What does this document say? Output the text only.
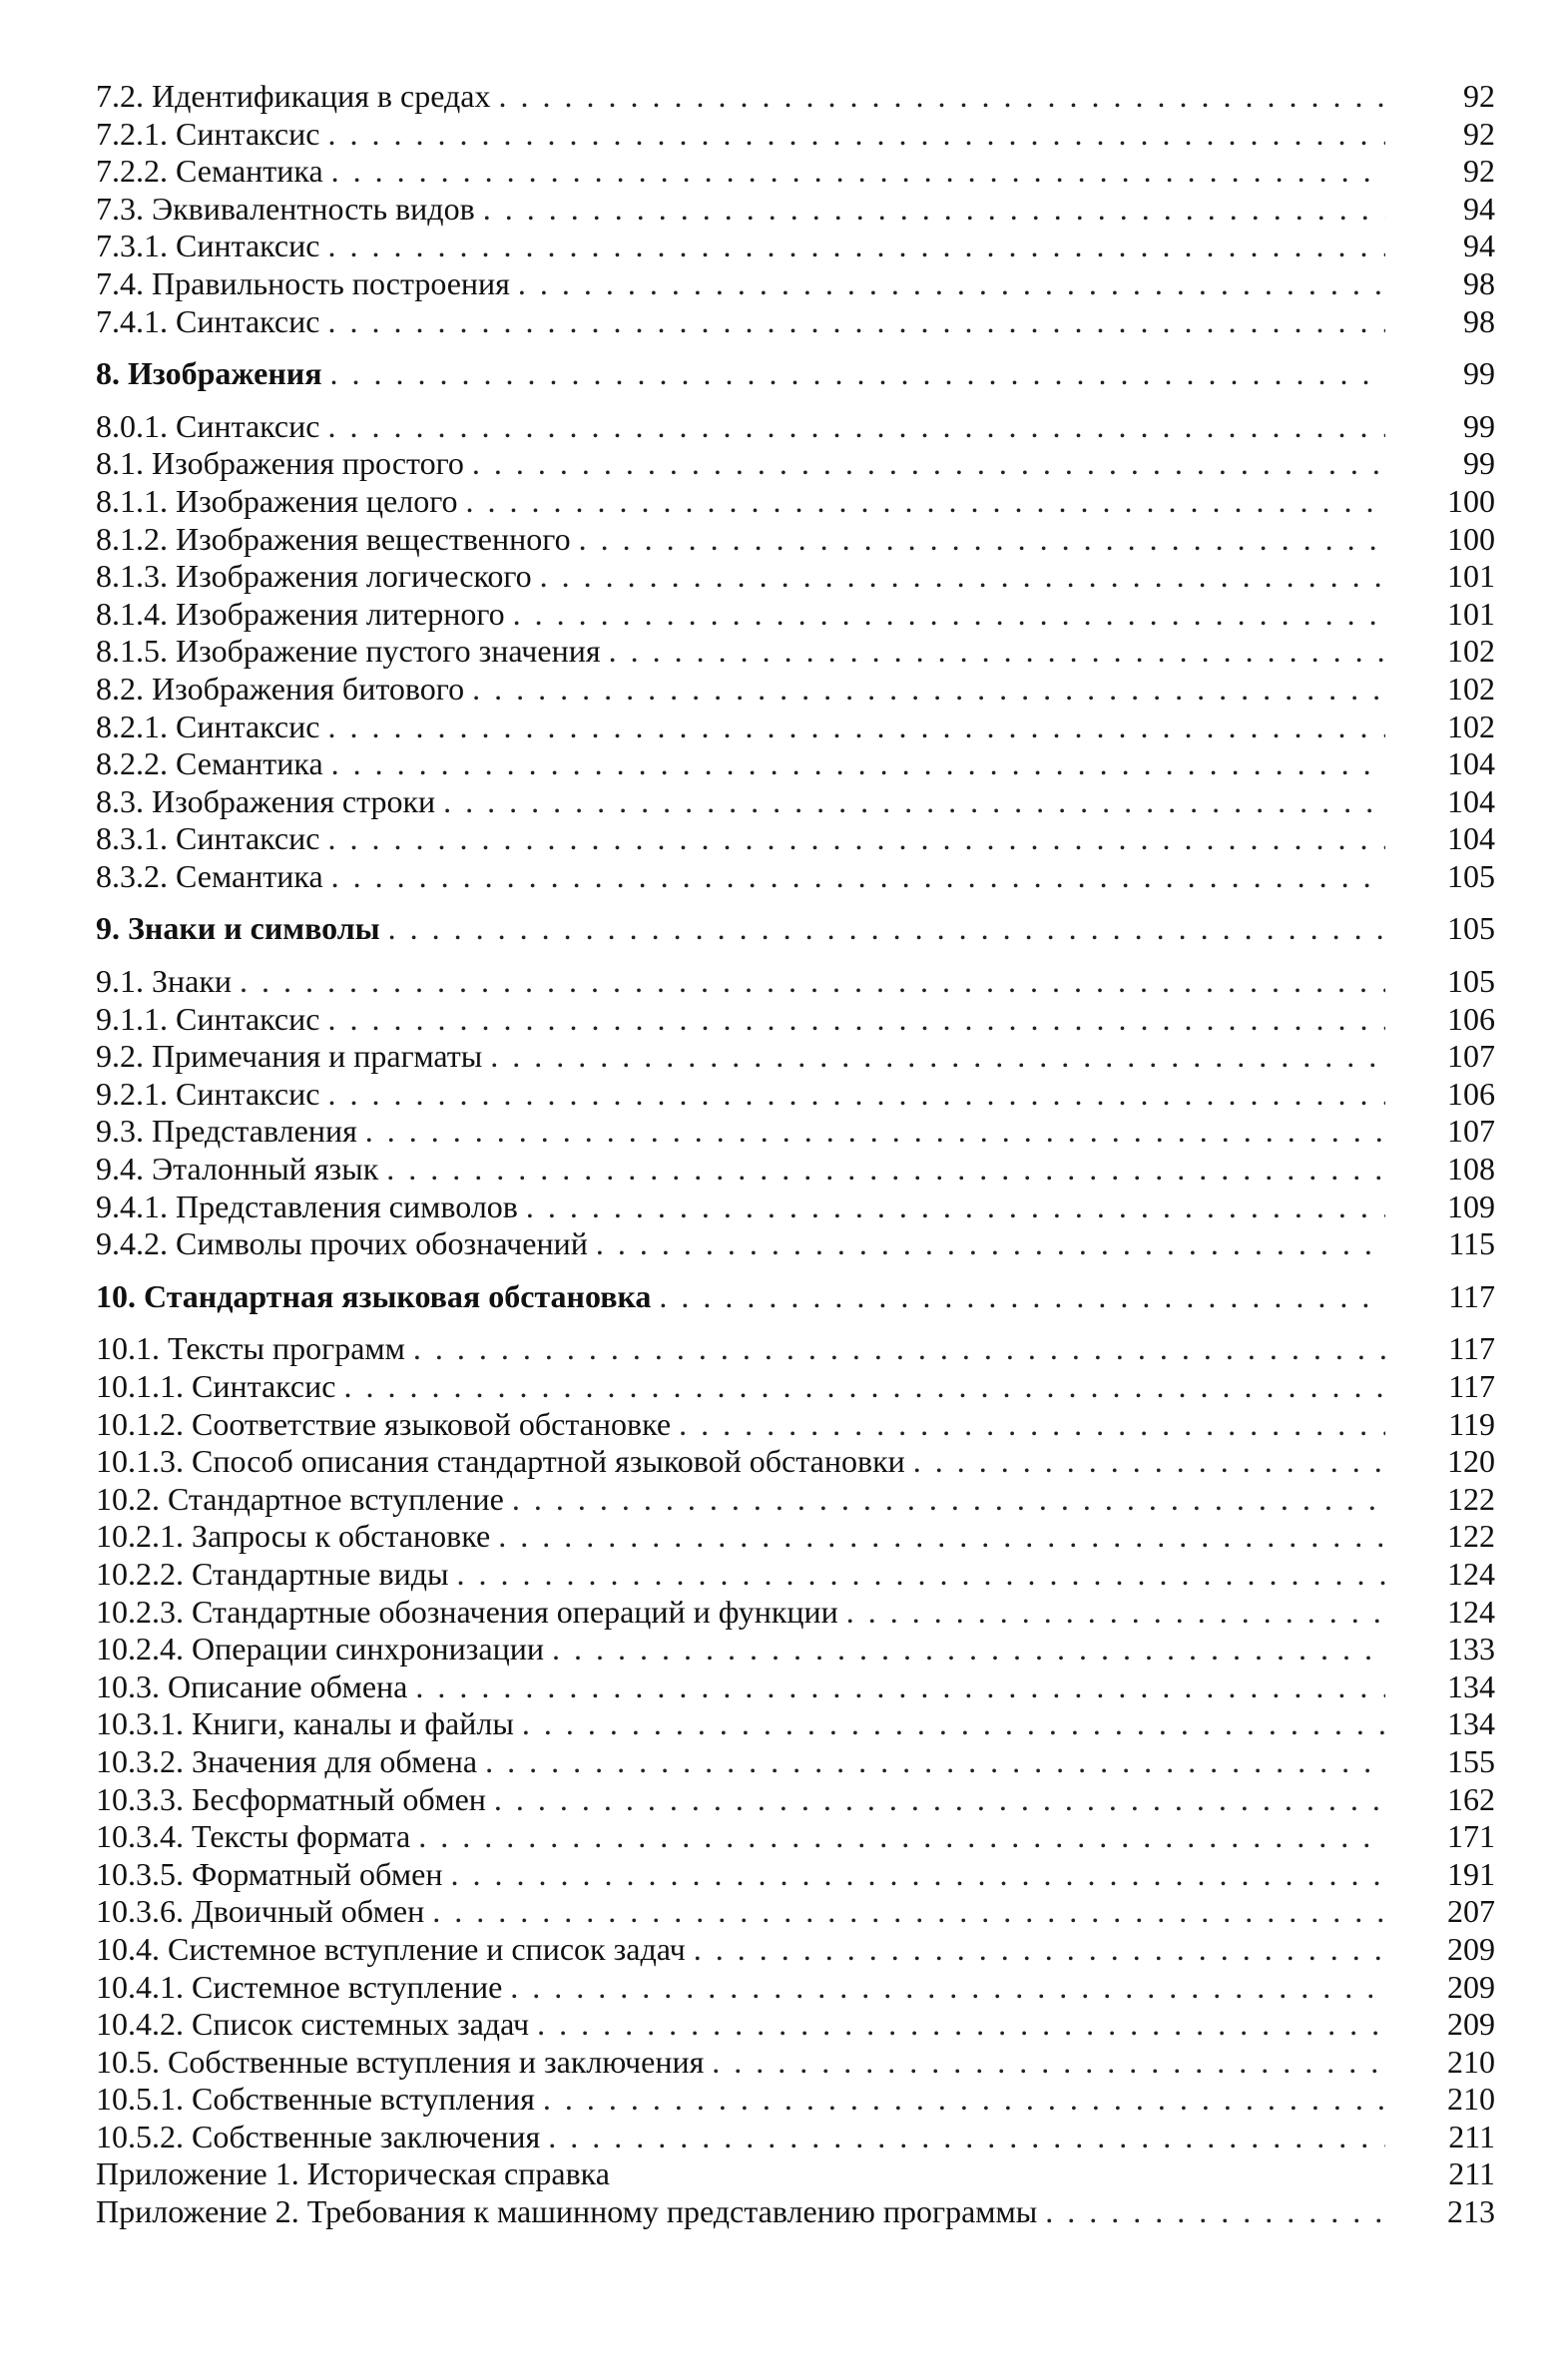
7.2. Идентификация в средах . . .	92
7.2.1. Синтаксис . . .	92
7.2.2. Семантика . . .	92
7.3. Эквивалентность видов . . .	94
7.3.1. Синтаксис . . .	94
7.4. Правильность построения . . .	98
7.4.1. Синтаксис . . .	98
8. Изображения . . .	99
8.0.1. Синтаксис . . .	99
8.1. Изображения простого . . .	99
8.1.1. Изображения целого . . .	100
8.1.2. Изображения вещественного . . .	100
8.1.3. Изображения логического . . .	101
8.1.4. Изображения литерного . . .	101
8.1.5. Изображение пустого значения . . .	102
8.2. Изображения битового . . .	102
8.2.1. Синтаксис . . .	102
8.2.2. Семантика . . .	104
8.3. Изображения строки . . .	104
8.3.1. Синтаксис . . .	104
8.3.2. Семантика . . .	105
9. Знаки и символы . . .	105
9.1. Знаки . . .	105
9.1.1. Синтаксис . . .	106
9.2. Примечания и прагматы . . .	107
9.2.1. Синтаксис . . .	106
9.3. Представления . . .	107
9.4. Эталонный язык . . .	108
9.4.1. Представления символов . . .	109
9.4.2. Символы прочих обозначений . . .	115
10. Стандартная языковая обстановка . . .	117
10.1. Тексты программ . . .	117
10.1.1. Синтаксис . . .	117
10.1.2. Соответствие языковой обстановке . . .	119
10.1.3. Способ описания стандартной языковой обстановки . . .	120
10.2. Стандартное вступление . . .	122
10.2.1. Запросы к обстановке . . .	122
10.2.2. Стандартные виды . . .	124
10.2.3. Стандартные обозначения операций и функции . . .	124
10.2.4. Операции синхронизации . . .	133
10.3. Описание обмена . . .	134
10.3.1. Книги, каналы и файлы . . .	134
10.3.2. Значения для обмена . . .	155
10.3.3. Бесформатный обмен . . .	162
10.3.4. Тексты формата . . .	171
10.3.5. Форматный обмен . . .	191
10.3.6. Двоичный обмен . . .	207
10.4. Системное вступление и список задач . . .	209
10.4.1. Системное вступление . . .	209
10.4.2. Список системных задач . . .	209
10.5. Собственные вступления и заключения . . .	210
10.5.1. Собственные вступления . . .	210
10.5.2. Собственные заключения . . .	211
Приложение 1. Историческая справка	211
Приложение 2. Требования к машинному представлению программы . . .	213
